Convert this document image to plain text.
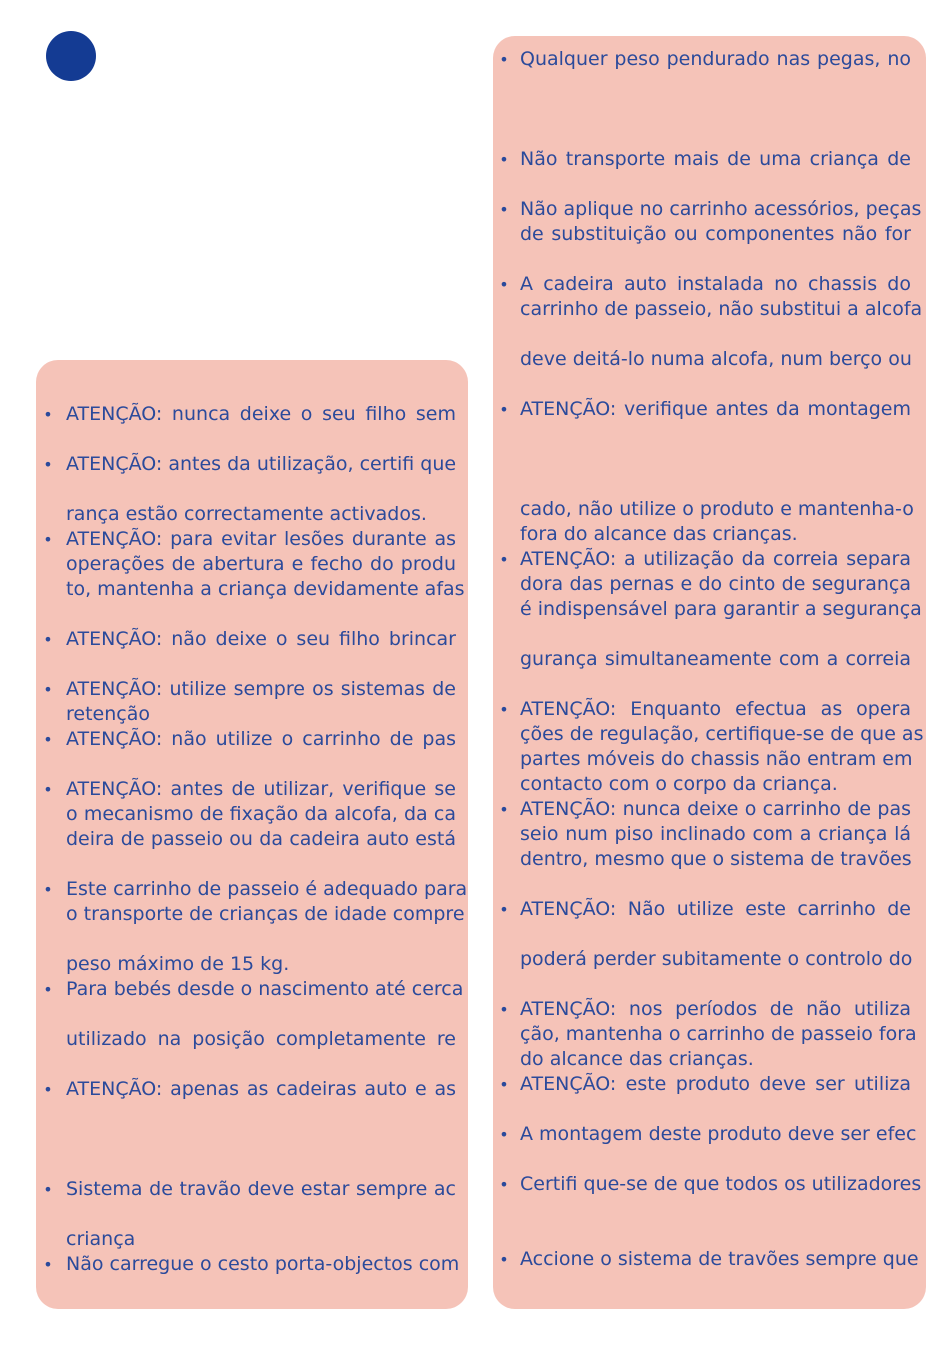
• ATENÇÃO: nunca deixe o seu filho sem
• ATENÇÃO: antes da utilização, certifi que
rança estão correctamente activados.
• ATENÇÃO: para evitar lesões durante as
operações de abertura e fecho do produ
to, mantenha a criança devidamente afas
• ATENÇÃO: não deixe o seu filho brincar
• ATENÇÃO: utilize sempre os sistemas de
retenção
• ATENÇÃO: não utilize o carrinho de pas
• ATENÇÃO: antes de utilizar, verifique se
o mecanismo de fixação da alcofa, da ca
deira de passeio ou da cadeira auto está
• Este carrinho de passeio é adequado para
o transporte de crianças de idade compre
peso máximo de 15 kg.
• Para bebés desde o nascimento até cerca
utilizado na posição completamente re
• ATENÇÃO: apenas as cadeiras auto e as
• Sistema de travão deve estar sempre ac
criança
• Não carregue o cesto porta-objectos com
• Qualquer peso pendurado nas pegas, no
• Não transporte mais de uma criança de
• Não aplique no carrinho acessórios, peças
de substituição ou componentes não for
• A cadeira auto instalada no chassis do
carrinho de passeio, não substitui a alcofa
deve deitá-lo numa alcofa, num berço ou
• ATENÇÃO: verifique antes da montagem
cado, não utilize o produto e mantenha-o
fora do alcance das crianças.
• ATENÇÃO: a utilização da correia separa
dora das pernas e do cinto de segurança
é indispensável para garantir a segurança
gurança simultaneamente com a correia
• ATENÇÃO: Enquanto efectua as opera
ções de regulação, certifique-se de que as
partes móveis do chassis não entram em
contacto com o corpo da criança.
• ATENÇÃO: nunca deixe o carrinho de pas
seio num piso inclinado com a criança lá
dentro, mesmo que o sistema de travões
• ATENÇÃO: Não utilize este carrinho de
poderá perder subitamente o controlo do
• ATENÇÃO: nos períodos de não utiliza
ção, mantenha o carrinho de passeio fora
do alcance das crianças.
• ATENÇÃO: este produto deve ser utiliza
• A montagem deste produto deve ser efec
• Certifi que-se de que todos os utilizadores
• Accione o sistema de travões sempre que
